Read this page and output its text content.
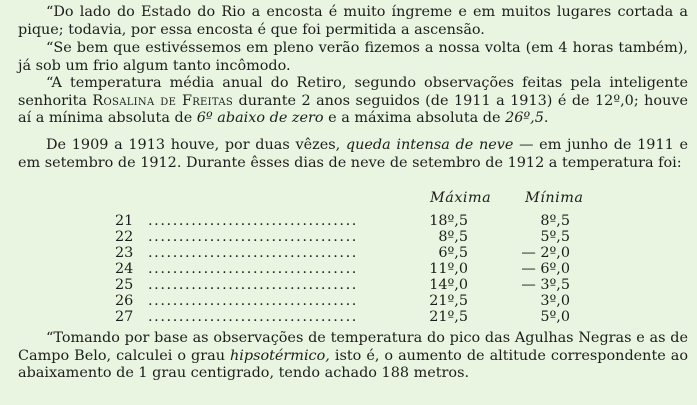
“Do lado do Estado do Rio a encosta é muito íngreme e em muitos lugares cortada a pique; todavia, por essa encosta é que foi permitida a ascensão.

“Se bem que estivéssemos em pleno verão fizemos a nossa volta (em 4 horas também), já sob um frio algum tanto incômodo.

“A temperatura média anual do Retiro, segundo observações feitas pela inteligente senhorita Rosalina de Freitas durante 2 anos seguidos (de 1911 a 1913) é de 12º,0; houve aí a mínima absoluta de 6º abaixo de zero e a máxima absoluta de 26º,5.

De 1909 a 1913 houve, por duas vêzes, queda intensa de neve — em junho de 1911 e em setembro de 1912. Durante êsses dias de neve de setembro de 1912 a temperatura foi:

Máxima Mínima
21 ..................................	18º,5	8º,5
22 ..................................	8º,5	5º,5
23 ..................................	6º,5	— 2º,0
24 ..................................	11º,0	— 6º,0
25 ..................................	14º,0	— 3º,5
26 ..................................	21º,5	3º,0
27 ..................................	21º,5	5º,0

“Tomando por base as observações de temperatura do pico das Agulhas Negras e as de Campo Belo, calculei o grau hipsotérmico, isto é, o aumento de altitude correspondente ao abaixamento de 1 grau centigrado, tendo achado 188 metros.
